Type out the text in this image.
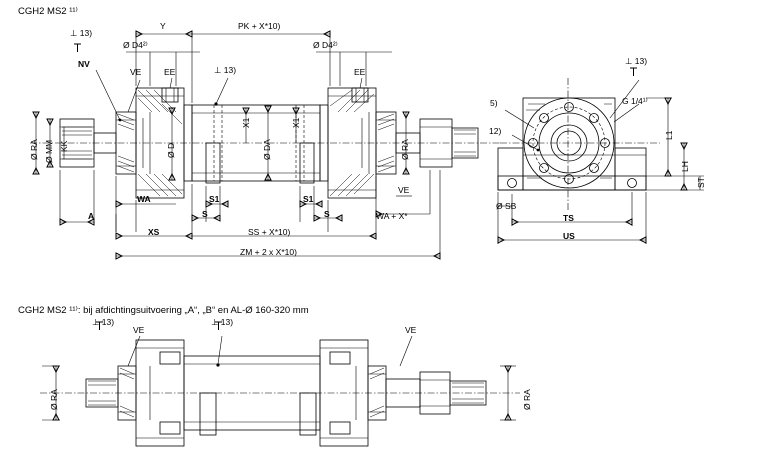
CGH2 MS2 ¹¹⁾
CGH2 MS2 ¹¹⁾: bij afdichtingsuitvoering „A“, „B“ en AL-Ø 160-320 mm
⊥ 13)
Y	PK + X*10)
Ø D4²⁾	Ø D4²⁾
NV
VE	EE	EE
⊥ 13)
Ø RA Ø MM KK	Ø D
X1
Ø DA
X1
Ø RA
WA	S1	S1
VE
A	S	S	WA + X*
XS	SS + X*10)
ZM + 2 x X*10)
5)
12)
⊥ 13)
G 1/4¹⁾
L1
LH
ST
Ø SB
TS
US
⊥ 13)
VE
⊥ 13)
VE
Ø RA	Ø RA
